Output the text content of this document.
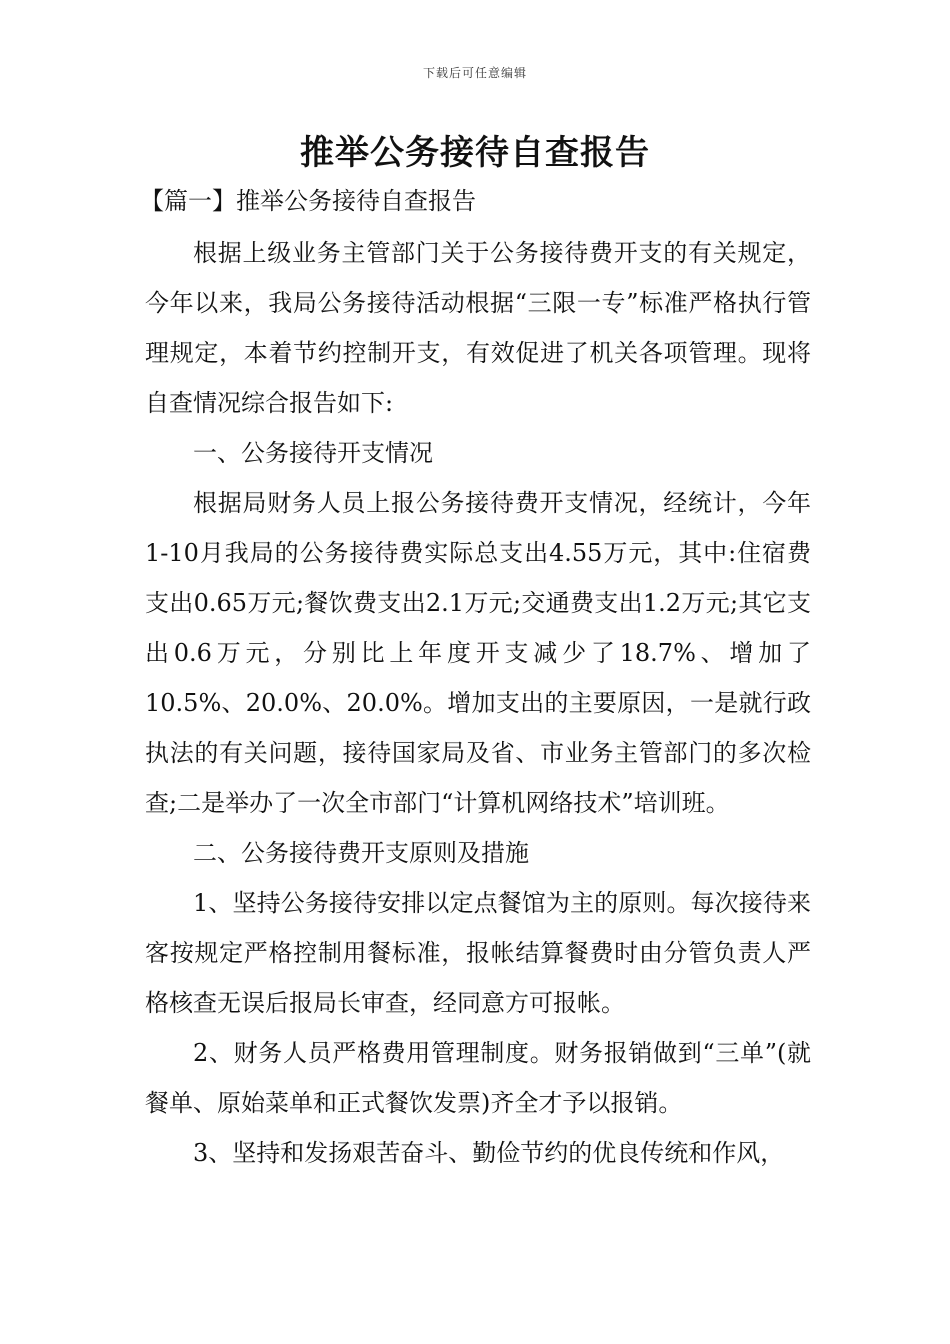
下载后可任意编辑
推举公务接待自查报告
【篇一】推举公务接待自查报告

根据上级业务主管部门关于公务接待费开支的有关规定，今年以来，我局公务接待活动根据“三限一专”标准严格执行管理规定，本着节约控制开支，有效促进了机关各项管理。现将自查情况综合报告如下:

一、公务接待开支情况

根据局财务人员上报公务接待费开支情况，经统计，今年1-10月我局的公务接待费实际总支出4.55万元，其中:住宿费支出0.65万元;餐饮费支出2.1万元;交通费支出1.2万元;其它支出0.6万元，分别比上年度开支减少了18.7%、增加了10.5%、20.0%、20.0%。增加支出的主要原因，一是就行政执法的有关问题，接待国家局及省、市业务主管部门的多次检查;二是举办了一次全市部门“计算机网络技术”培训班。

二、公务接待费开支原则及措施

1、坚持公务接待安排以定点餐馆为主的原则。每次接待来客按规定严格控制用餐标准，报帐结算餐费时由分管负责人严格核查无误后报局长审查，经同意方可报帐。

2、财务人员严格费用管理制度。财务报销做到“三单”(就餐单、原始菜单和正式餐饮发票)齐全才予以报销。

3、坚持和发扬艰苦奋斗、勤俭节约的优良传统和作风，
